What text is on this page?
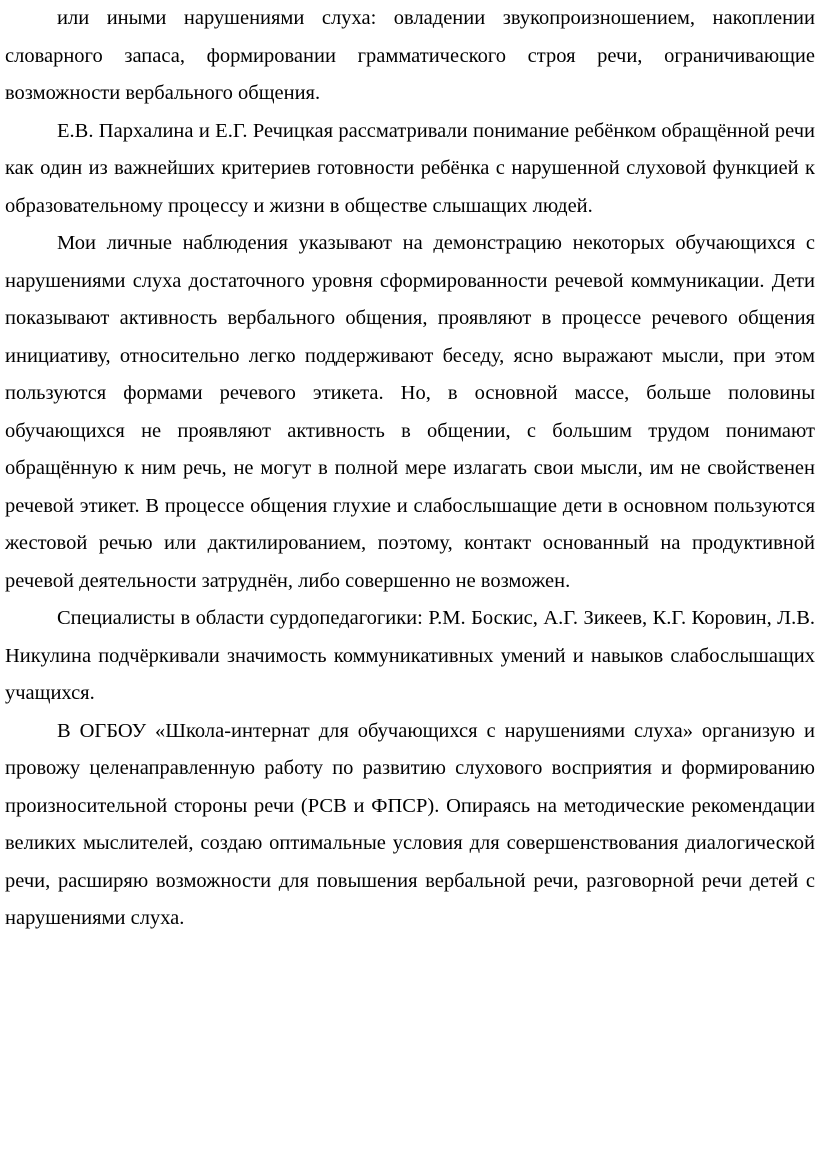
или иными нарушениями слуха: овладении звукопроизношением, накоплении словарного запаса, формировании грамматического строя речи, ограничивающие возможности вербального общения.

Е.В. Пархалина и Е.Г. Речицкая рассматривали понимание ребёнком обращённой речи как один из важнейших критериев готовности ребёнка с нарушенной слуховой функцией к образовательному процессу и жизни в обществе слышащих людей.

Мои личные наблюдения указывают на демонстрацию некоторых обучающихся с нарушениями слуха достаточного уровня сформированности речевой коммуникации. Дети показывают активность вербального общения, проявляют в процессе речевого общения инициативу, относительно легко поддерживают беседу, ясно выражают мысли, при этом пользуются формами речевого этикета. Но, в основной массе, больше половины обучающихся не проявляют активность в общении, с большим трудом понимают обращённую к ним речь, не могут в полной мере излагать свои мысли, им не свойственен речевой этикет. В процессе общения глухие и слабослышащие дети в основном пользуются жестовой речью или дактилированием, поэтому, контакт основанный на продуктивной речевой деятельности затруднён, либо совершенно не возможен.

Специалисты в области сурдопедагогики: Р.М. Боскис, А.Г. Зикеев, К.Г. Коровин, Л.В. Никулина подчёркивали значимость коммуникативных умений и навыков слабослышащих учащихся.

В ОГБОУ «Школа-интернат для обучающихся с нарушениями слуха» организую и провожу целенаправленную работу по развитию слухового восприятия и формированию произносительной стороны речи (РСВ и ФПСР). Опираясь на методические рекомендации великих мыслителей, создаю оптимальные условия для совершенствования диалогической речи, расширяю возможности для повышения вербальной речи, разговорной речи детей с нарушениями слуха.
